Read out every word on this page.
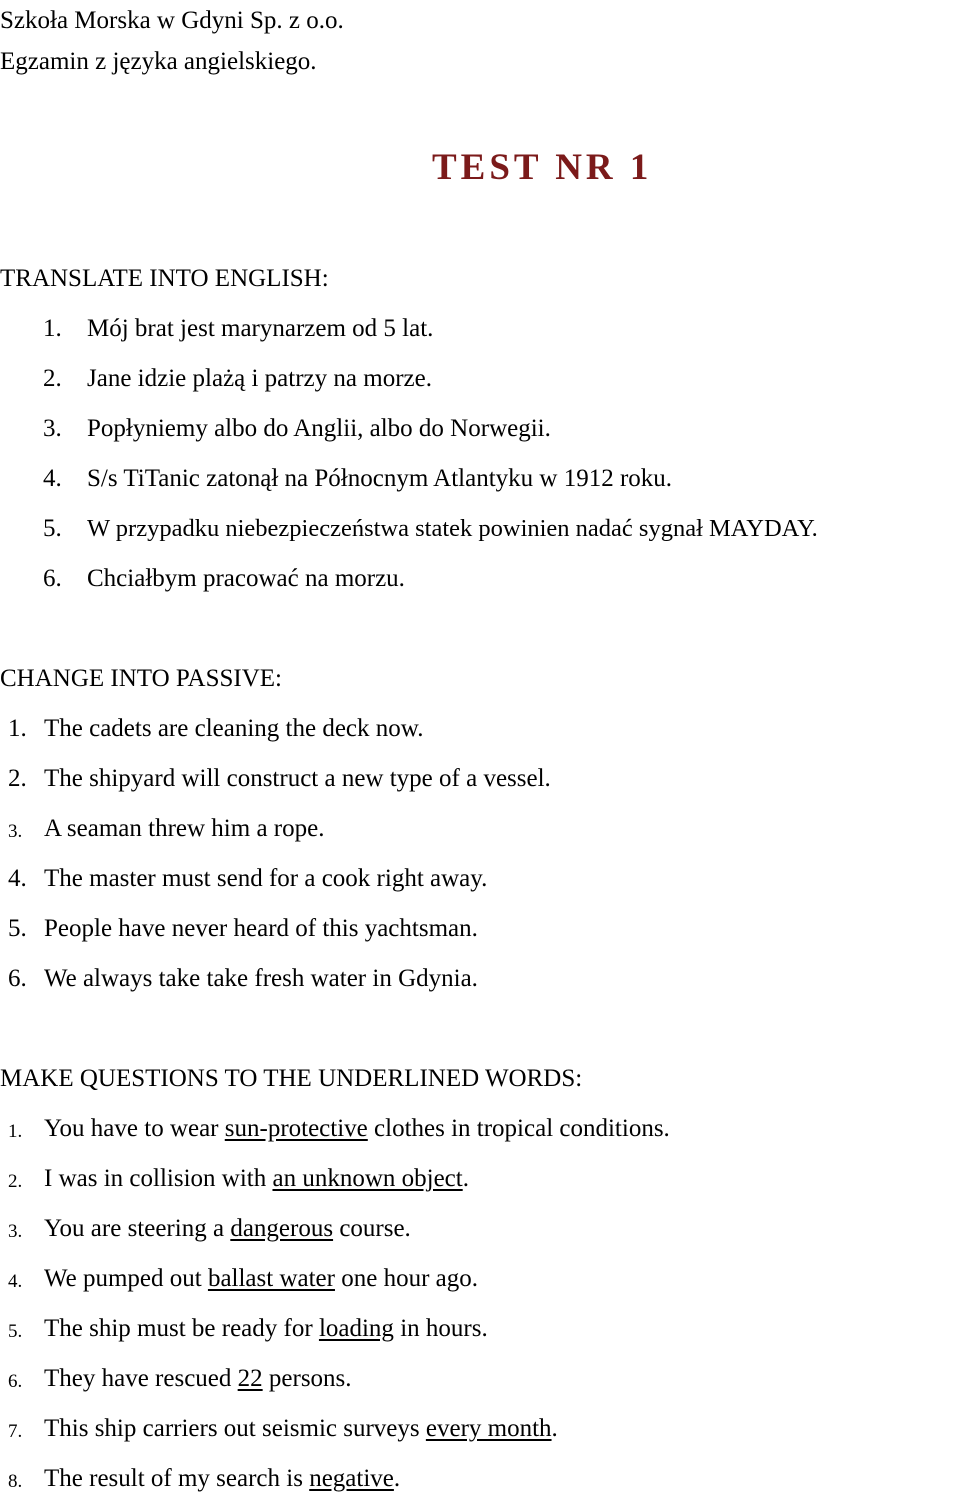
Szkoła Morska w Gdyni Sp. z o.o.
Egzamin z języka angielskiego.
TEST NR 1
TRANSLATE INTO ENGLISH:
1. Mój brat jest marynarzem od 5 lat.
2. Jane idzie plażą i patrzy na morze.
3. Popłyniemy albo do Anglii, albo do Norwegii.
4. S/s TiTanic zatonął na Północnym Atlantyku w 1912 roku.
5. W przypadku niebezpieczeństwa statek powinien nadać sygnał MAYDAY.
6. Chciałbym pracować na morzu.
CHANGE INTO PASSIVE:
1. The cadets are cleaning the deck now.
2. The shipyard will construct a new type of a vessel.
3. A seaman threw him a rope.
4. The master must send for a cook right away.
5. People have never heard of this yachtsman.
6. We always take take fresh water in Gdynia.
MAKE QUESTIONS TO THE UNDERLINED WORDS:
1. You have to wear sun-protective clothes in tropical conditions.
2. I was in collision with an unknown object.
3. You are steering a dangerous course.
4. We pumped out ballast water one hour ago.
5. The ship must be ready for loading in hours.
6. They have rescued 22 persons.
7. This ship carriers out seismic surveys every month.
8. The result of my search is negative.
